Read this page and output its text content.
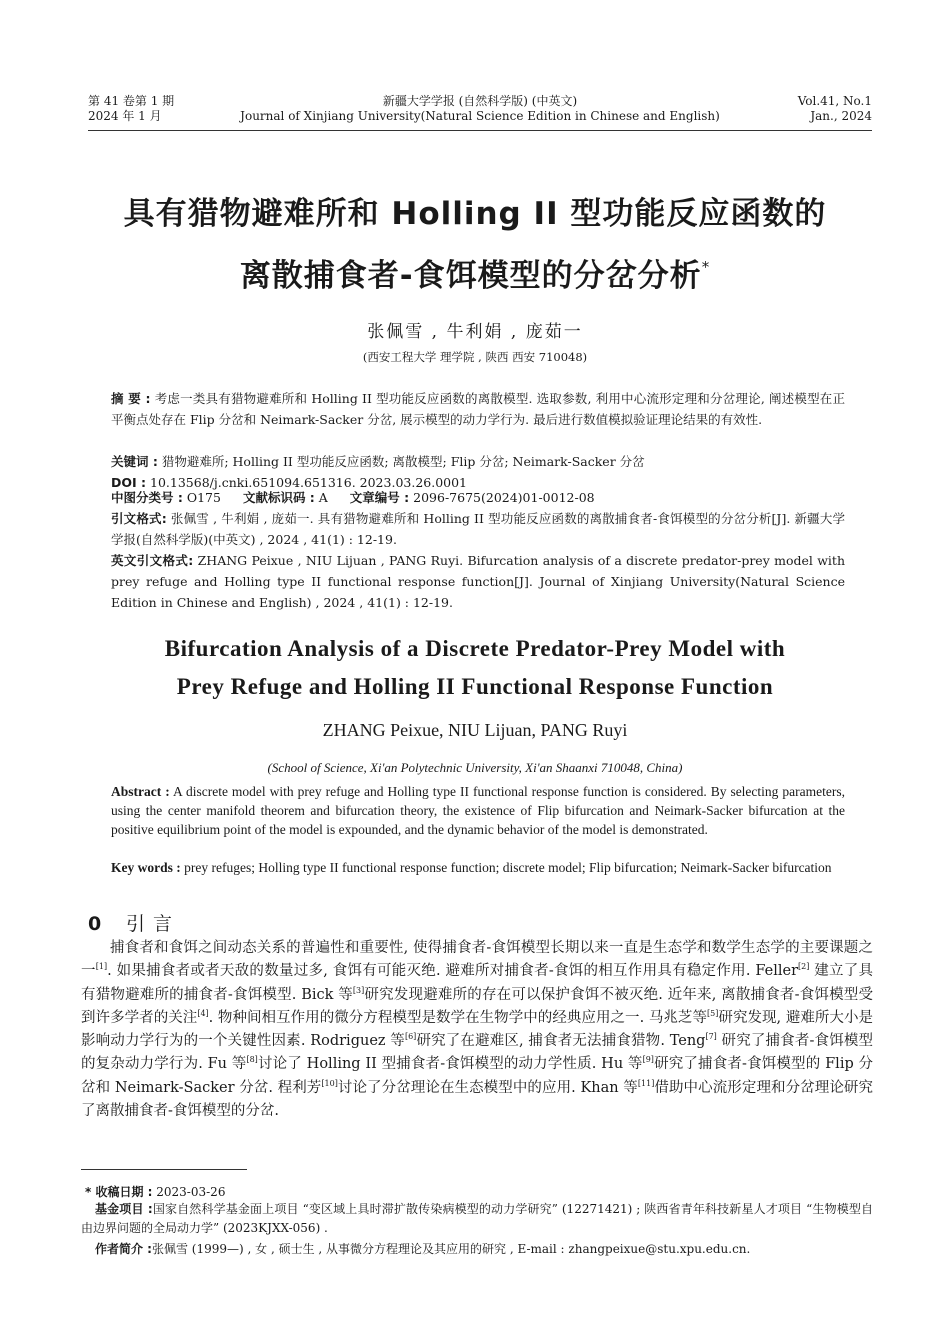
第 41 卷第 1 期
2024 年 1 月
新疆大学学报 (自然科学版) (中英文)
Journal of Xinjiang University(Natural Science Edition in Chinese and English)
Vol.41, No.1
Jan., 2024
具有猎物避难所和 Holling II 型功能反应函数的
离散捕食者-食饵模型的分岔分析*
张佩雪 , 牛利娟 , 庞茹一
(西安工程大学 理学院 , 陕西 西安 710048)
摘 要 : 考虑一类具有猎物避难所和 Holling II 型功能反应函数的离散模型. 选取参数, 利用中心流形定理和分岔理论, 阐述模型在正平衡点处存在 Flip 分岔和 Neimark-Sacker 分岔, 展示模型的动力学行为. 最后进行数值模拟验证理论结果的有效性.
关键词 : 猎物避难所; Holling II 型功能反应函数; 离散模型; Flip 分岔; Neimark-Sacker 分岔
DOI : 10.13568/j.cnki.651094.651316. 2023.03.26.0001
中图分类号 : O175 文献标识码 : A 文章编号 : 2096-7675(2024)01-0012-08
引文格式: 张佩雪 , 牛利娟 , 庞茹一. 具有猎物避难所和 Holling II 型功能反应函数的离散捕食者-食饵模型的分岔分析[J]. 新疆大学学报(自然科学版)(中英文) , 2024 , 41(1) : 12-19.
英文引文格式: ZHANG Peixue , NIU Lijuan , PANG Ruyi. Bifurcation analysis of a discrete predator-prey model with prey refuge and Holling type II functional response function[J]. Journal of Xinjiang University(Natural Science Edition in Chinese and English) , 2024 , 41(1) : 12-19.
Bifurcation Analysis of a Discrete Predator-Prey Model with
Prey Refuge and Holling II Functional Response Function
ZHANG Peixue, NIU Lijuan, PANG Ruyi
(School of Science, Xi'an Polytechnic University, Xi'an Shaanxi 710048, China)
Abstract : A discrete model with prey refuge and Holling type II functional response function is considered. By selecting parameters, using the center manifold theorem and bifurcation theory, the existence of Flip bifurcation and Neimark-Sacker bifurcation at the positive equilibrium point of the model is expounded, and the dynamic behavior of the model is demonstrated.
Key words : prey refuges; Holling type II functional response function; discrete model; Flip bifurcation; Neimark-Sacker bifurcation
0 引言
捕食者和食饵之间动态关系的普遍性和重要性, 使得捕食者-食饵模型长期以来一直是生态学和数学生态学的主要课题之一[1]. 如果捕食者或者天敌的数量过多, 食饵有可能灭绝. 避难所对捕食者-食饵的相互作用具有稳定作用. Feller[2] 建立了具有猎物避难所的捕食者-食饵模型. Bick 等[3]研究发现避难所的存在可以保护食饵不被灭绝. 近年来, 离散捕食者-食饵模型受到许多学者的关注[4]. 物种间相互作用的微分方程模型是数学在生物学中的经典应用之一. 马兆芝等[5]研究发现, 避难所大小是影响动力学行为的一个关键性因素. Rodriguez 等[6]研究了在避难区, 捕食者无法捕食猎物. Teng[7] 研究了捕食者-食饵模型的复杂动力学行为. Fu 等[8]讨论了 Holling II 型捕食者-食饵模型的动力学性质. Hu 等[9]研究了捕食者-食饵模型的 Flip 分岔和 Neimark-Sacker 分岔. 程利芳[10]讨论了分岔理论在生态模型中的应用. Khan 等[11]借助中心流形定理和分岔理论研究了离散捕食者-食饵模型的分岔.
* 收稿日期 : 2023-03-26
基金项目 :国家自然科学基金面上项目 “变区域上具时滞扩散传染病模型的动力学研究” (12271421) ; 陕西省青年科技新星人才项目 “生物模型自由边界问题的全局动力学” (2023KJXX-056) .
作者简介 :张佩雪 (1999—) , 女 , 硕士生 , 从事微分方程理论及其应用的研究 , E-mail : zhangpeixue@stu.xpu.edu.cn.
